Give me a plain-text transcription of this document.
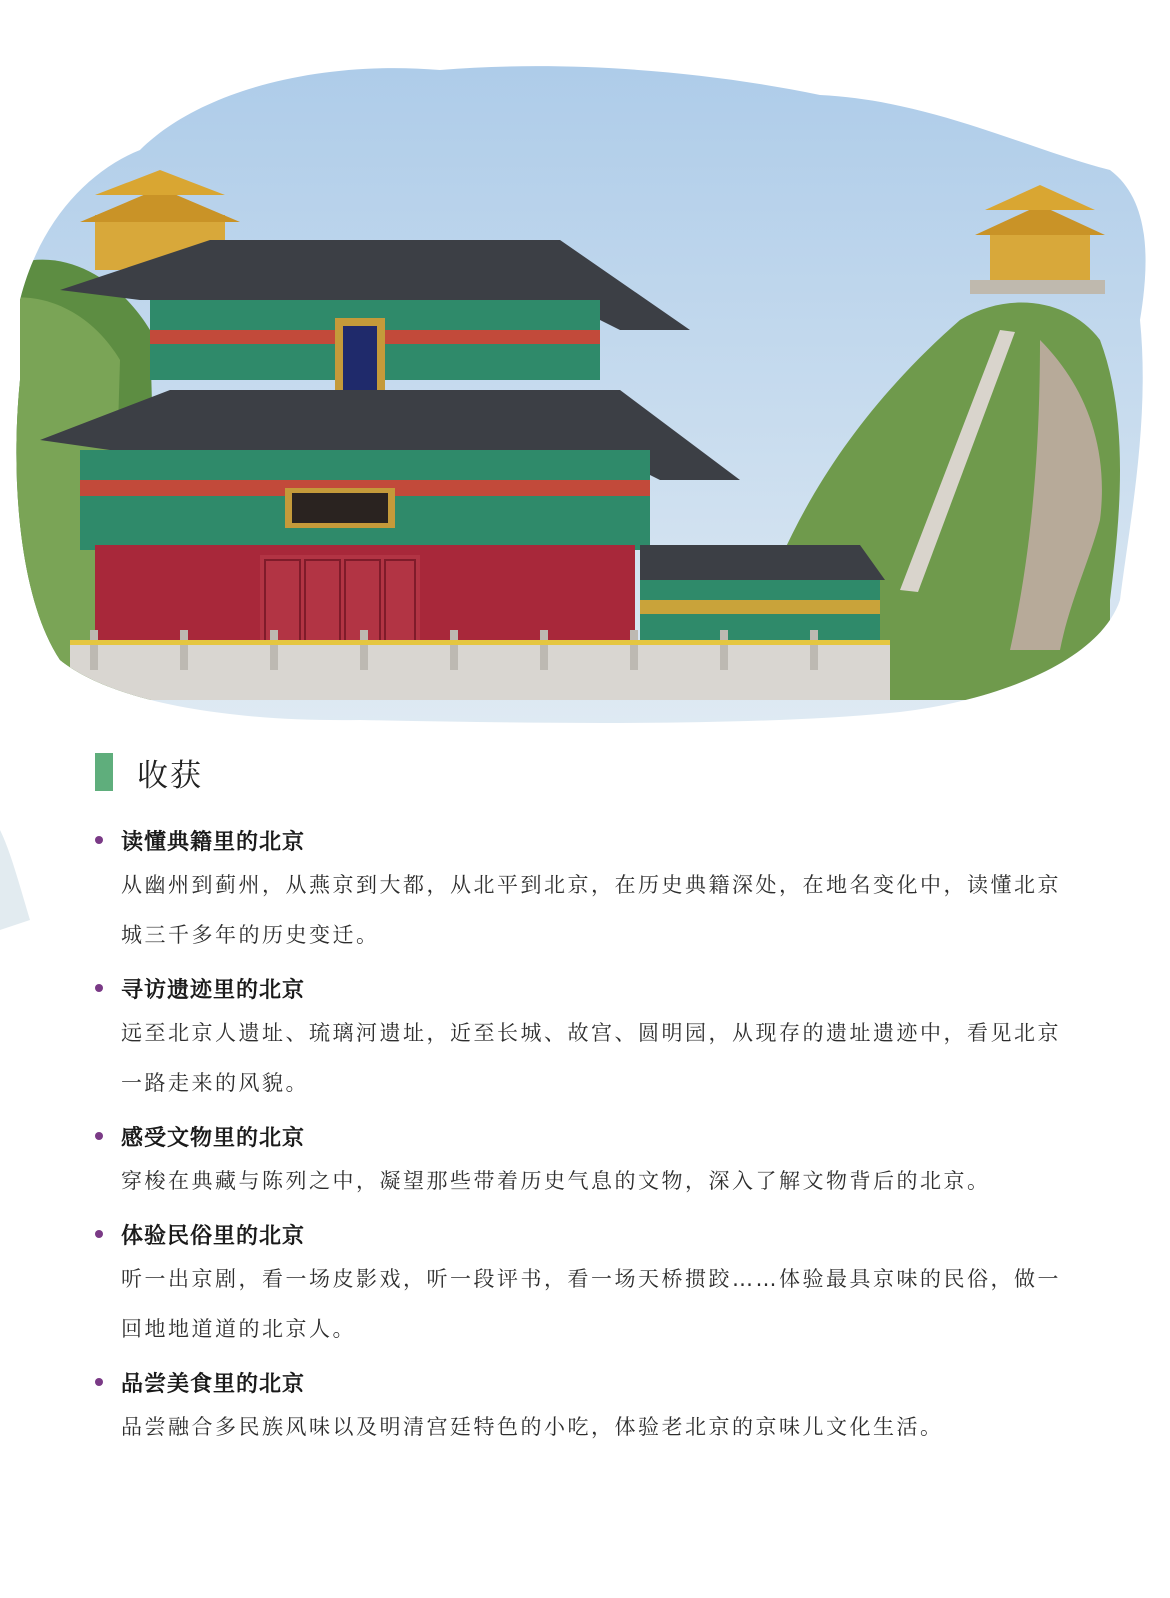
收获
读懂典籍里的北京
从幽州到蓟州，从燕京到大都，从北平到北京，在历史典籍深处，在地名变化中，读懂北京城三千多年的历史变迁。
寻访遗迹里的北京
远至北京人遗址、琉璃河遗址，近至长城、故宫、圆明园，从现存的遗址遗迹中，看见北京一路走来的风貌。
感受文物里的北京
穿梭在典藏与陈列之中，凝望那些带着历史气息的文物，深入了解文物背后的北京。
体验民俗里的北京
听一出京剧，看一场皮影戏，听一段评书，看一场天桥掼跤……体验最具京味的民俗，做一回地地道道的北京人。
品尝美食里的北京
品尝融合多民族风味以及明清宫廷特色的小吃，体验老北京的京味儿文化生活。
